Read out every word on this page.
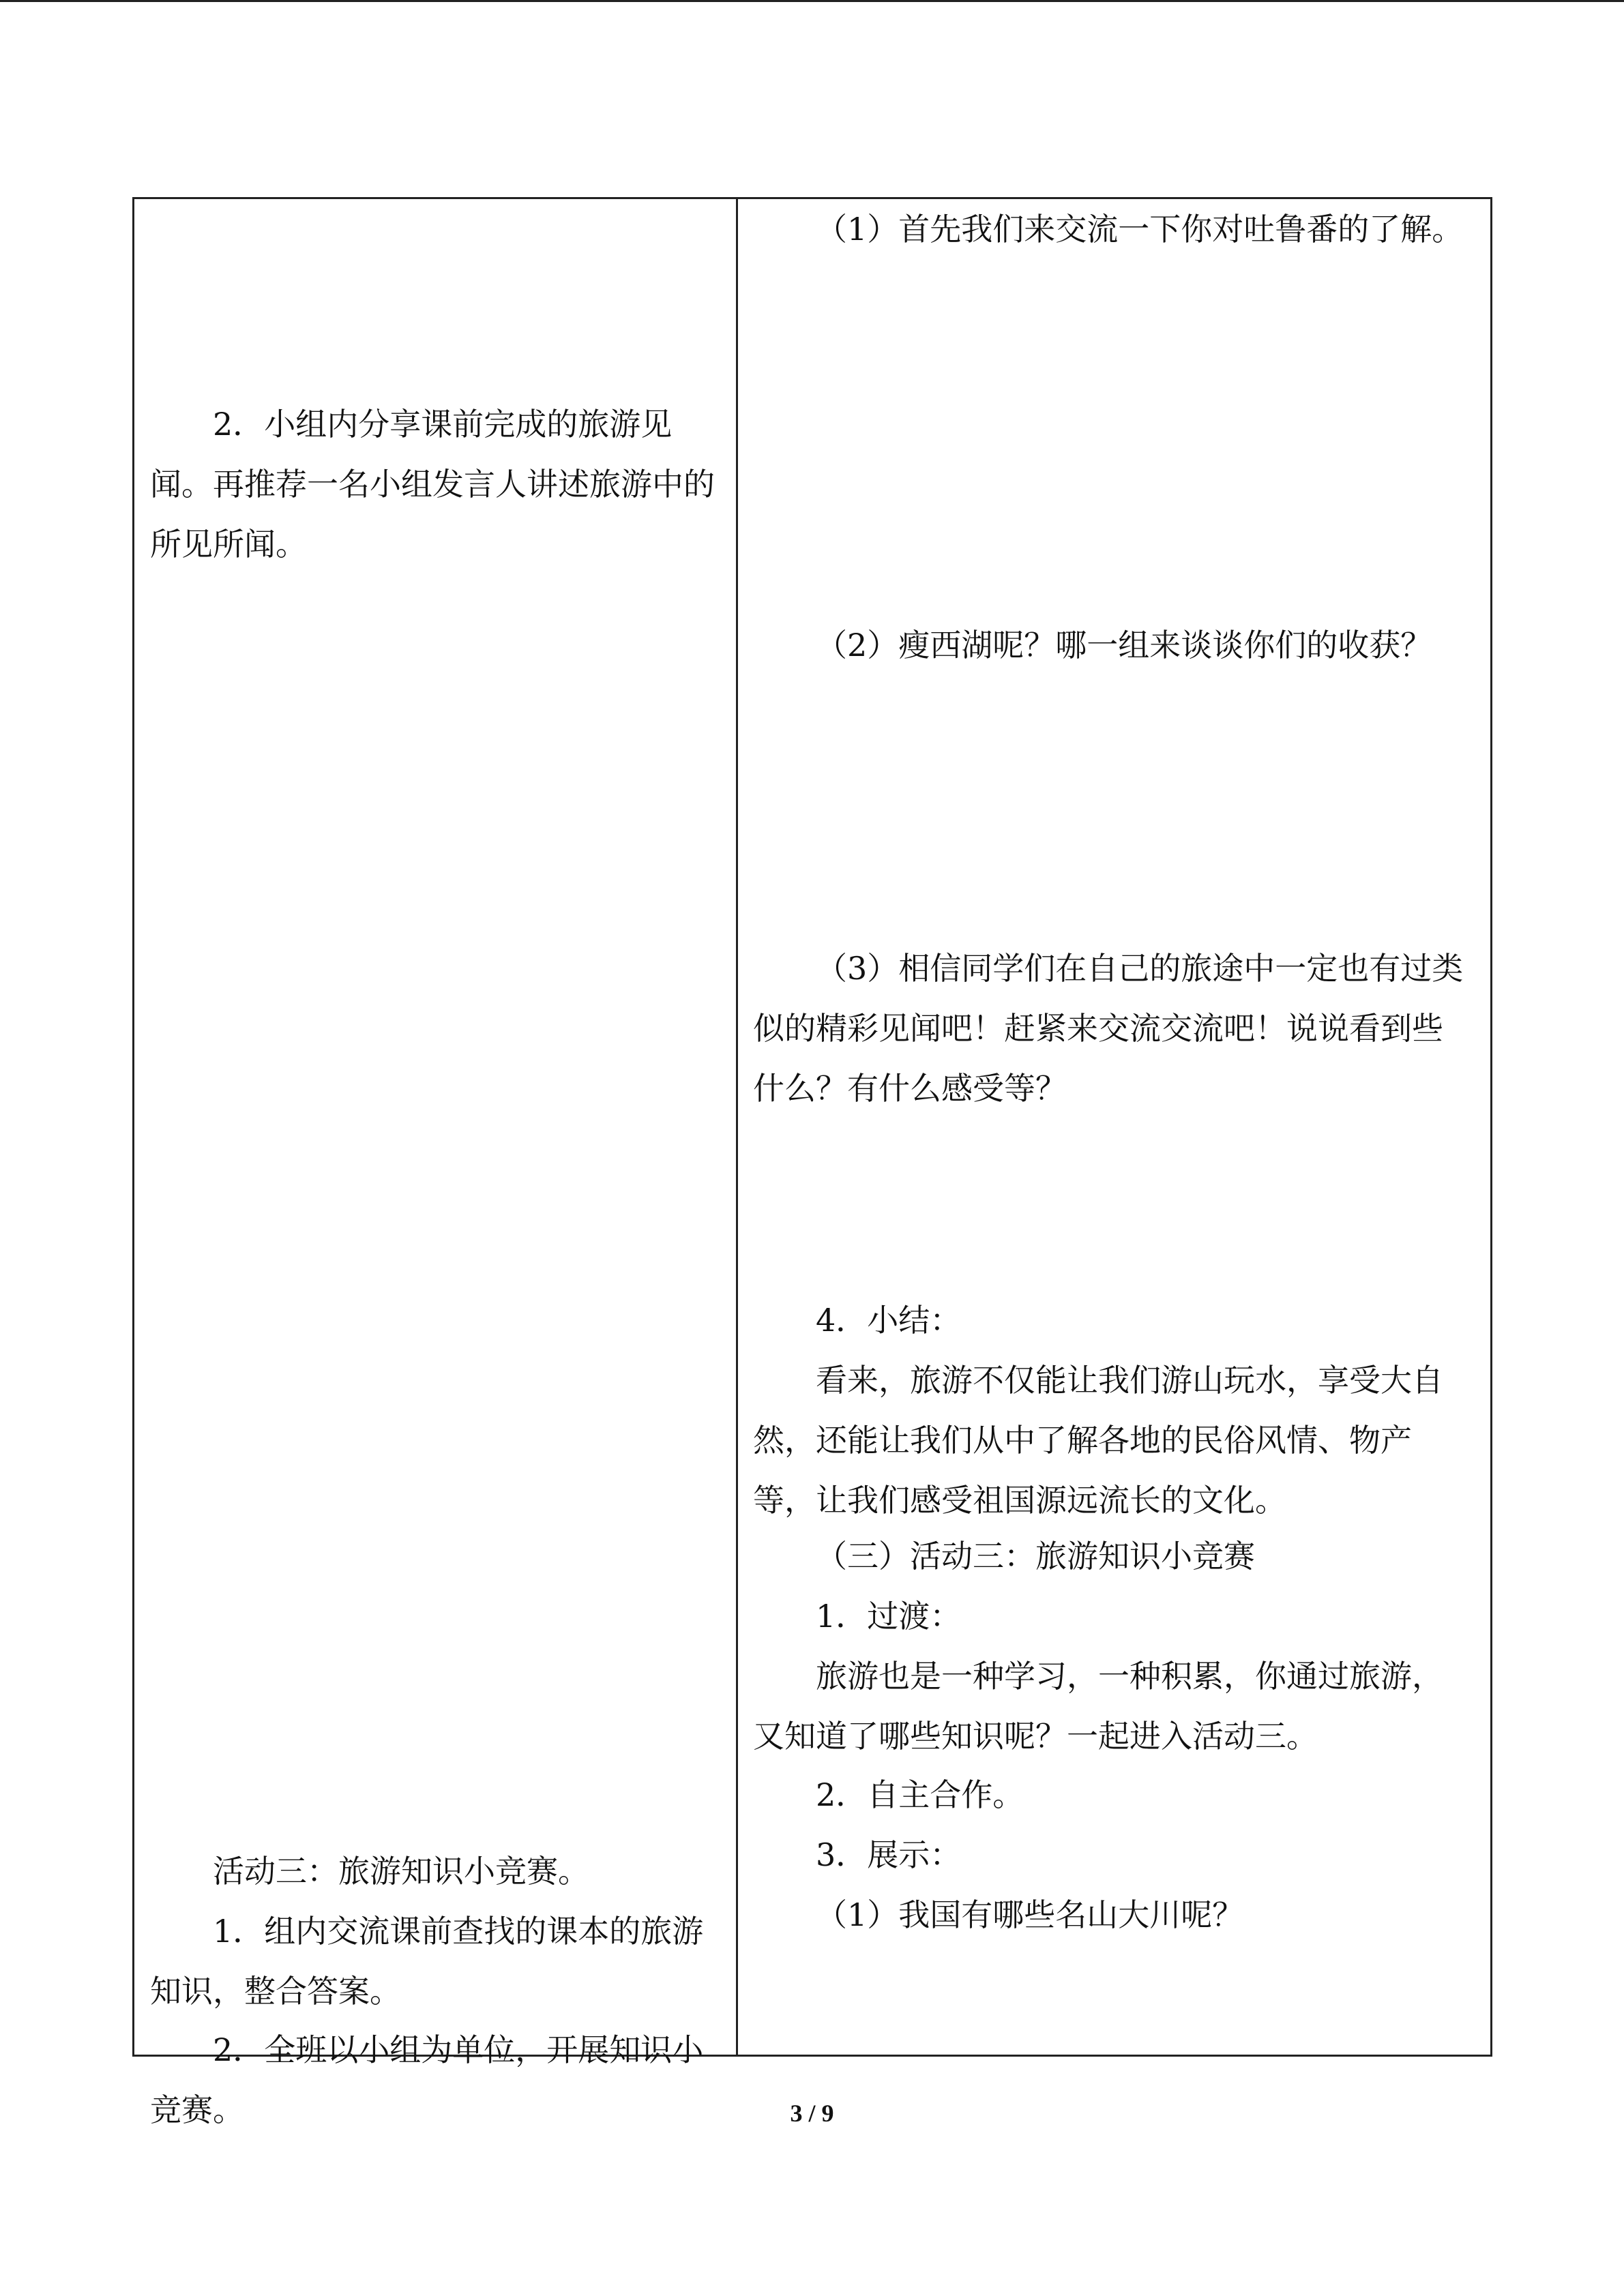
2．小组内分享课前完成的旅游见闻。再推荐一名小组发言人讲述旅游中的所见所闻。

活动三：旅游知识小竞赛。

1．组内交流课前查找的课本的旅游知识，整合答案。

2．全班以小组为单位，开展知识小竞赛。

（1）首先我们来交流一下你对吐鲁番的了解。

（2）瘦西湖呢？哪一组来谈谈你们的收获？

（3）相信同学们在自己的旅途中一定也有过类似的精彩见闻吧！赶紧来交流交流吧！说说看到些什么？有什么感受等？

4．小结：

看来，旅游不仅能让我们游山玩水，享受大自然，还能让我们从中了解各地的民俗风情、物产等，让我们感受祖国源远流长的文化。

（三）活动三：旅游知识小竞赛

1．过渡：

旅游也是一种学习，一种积累，你通过旅游，又知道了哪些知识呢？一起进入活动三。

2．自主合作。

3．展示：

（1）我国有哪些名山大川呢？

3 / 9
